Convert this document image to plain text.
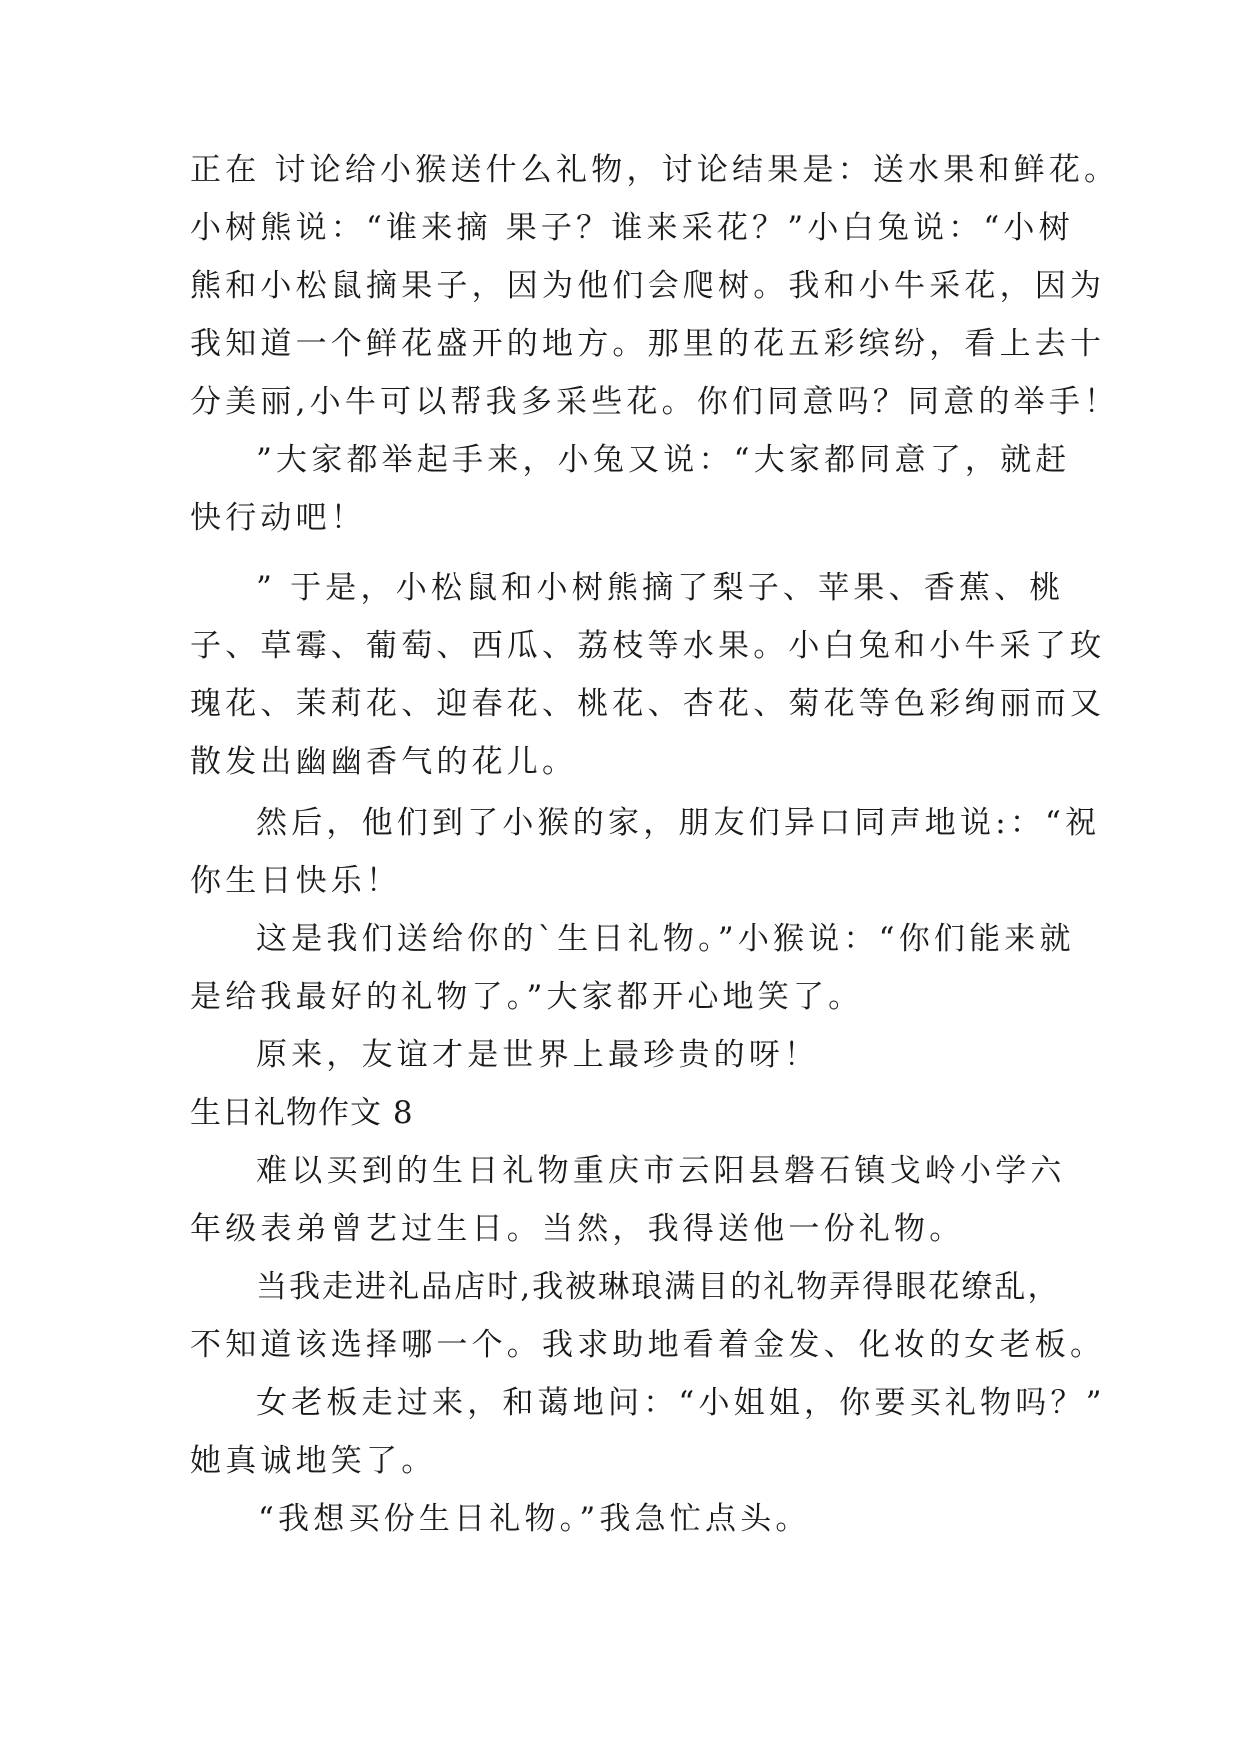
正在 讨论给小猴送什么礼物，讨论结果是：送水果和鲜花。

小树熊说：“谁来摘 果子？谁来采花？”小白兔说：“小树

熊和小松鼠摘果子，因为他们会爬树。我和小牛采花，因为

我知道一个鲜花盛开的地方。那里的花五彩缤纷，看上去十

分美丽,小牛可以帮我多采些花。你们同意吗？同意的举手！

”大家都举起手来，小兔又说：“大家都同意了，就赶

快行动吧！

” 于是，小松鼠和小树熊摘了梨子、苹果、香蕉、桃

子、草霉、葡萄、西瓜、荔枝等水果。小白兔和小牛采了玫

瑰花、茉莉花、迎春花、桃花、杏花、菊花等色彩绚丽而又

散发出幽幽香气的花儿。

然后，他们到了小猴的家，朋友们异口同声地说:：“祝

你生日快乐！

这是我们送给你的`生日礼物。”小猴说：“你们能来就

是给我最好的礼物了。”大家都开心地笑了。

原来，友谊才是世界上最珍贵的呀！

生日礼物作文 8

难以买到的生日礼物重庆市云阳县磐石镇戈岭小学六

年级表弟曾艺过生日。当然，我得送他一份礼物。

当我走进礼品店时,我被琳琅满目的礼物弄得眼花缭乱，

不知道该选择哪一个。我求助地看着金发、化妆的女老板。

女老板走过来，和蔼地问：“小姐姐，你要买礼物吗？”

她真诚地笑了。

“我想买份生日礼物。”我急忙点头。
